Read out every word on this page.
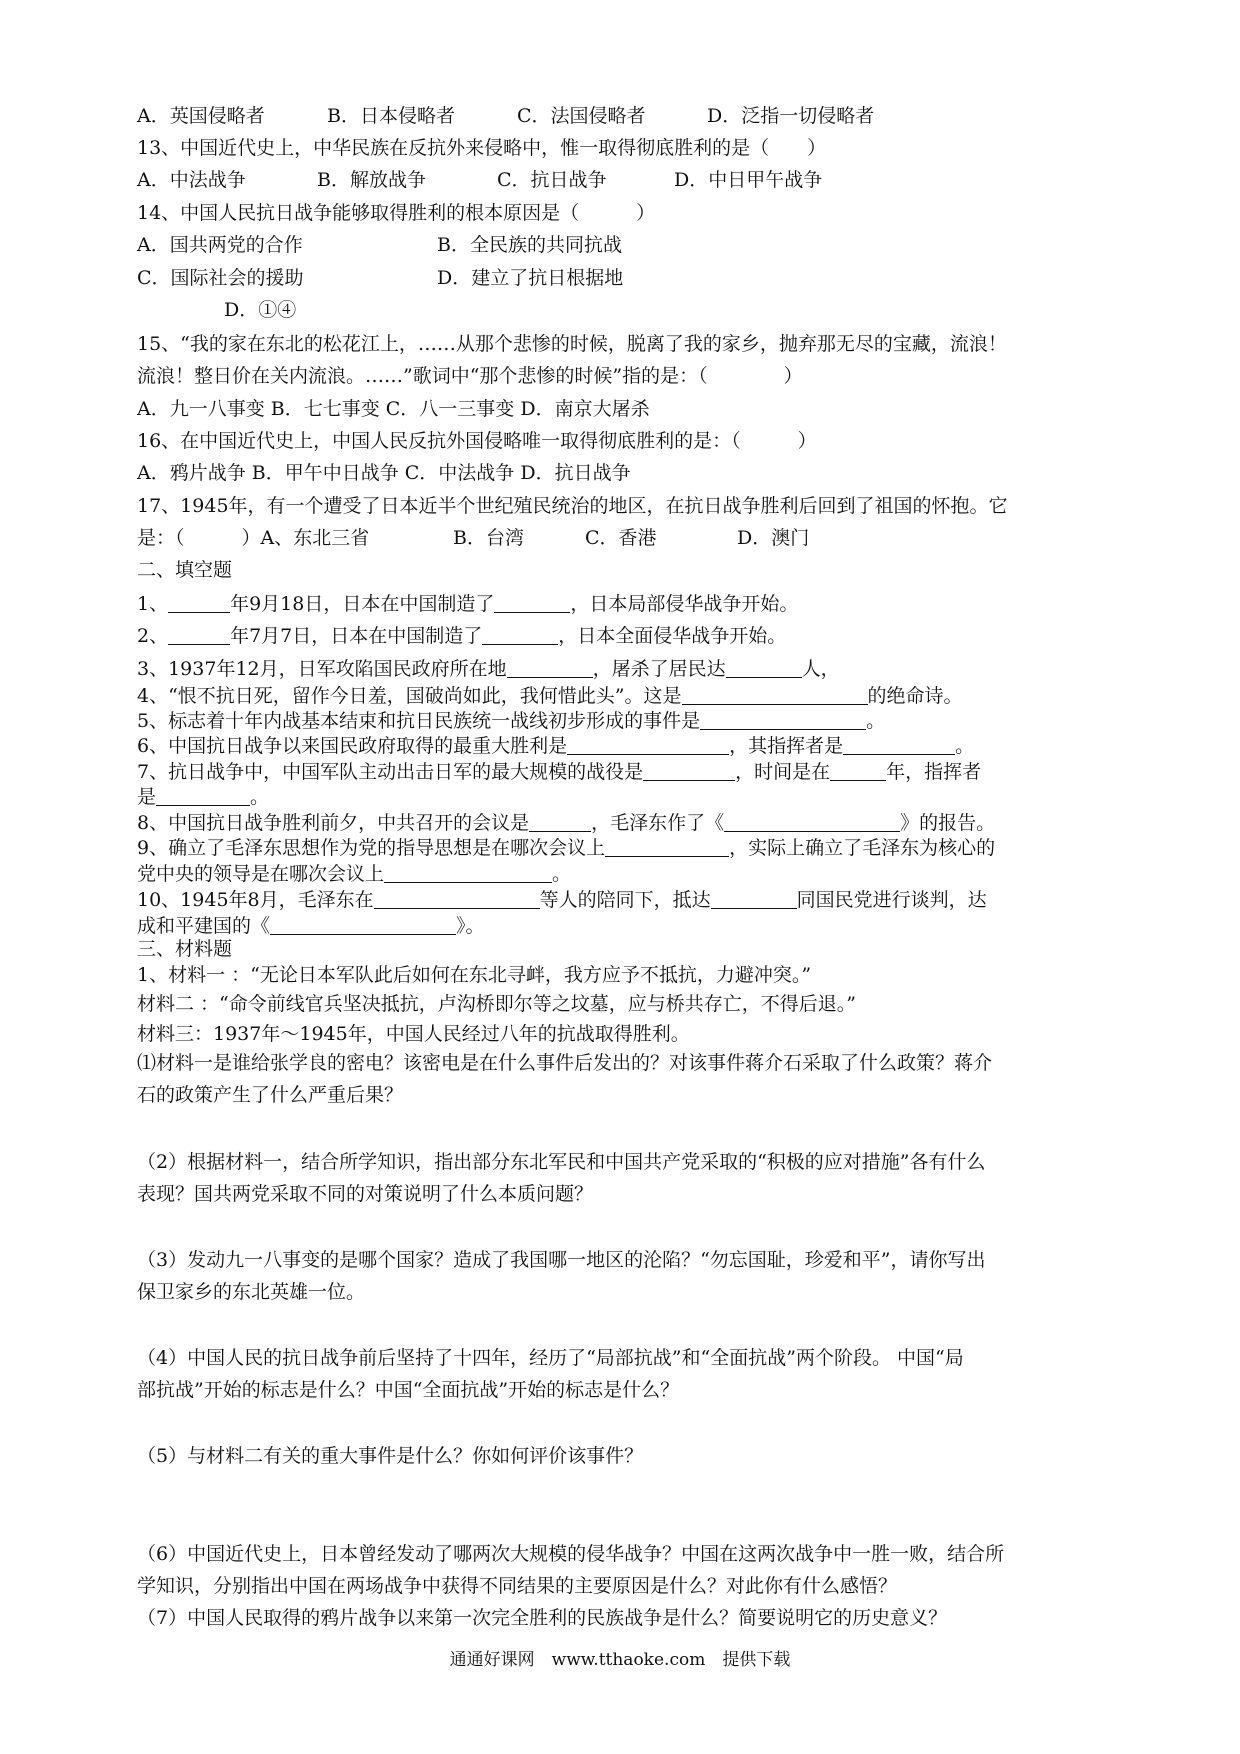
A．英国侵略者	B．日本侵略者	C．法国侵略者	D．泛指一切侵略者
13、中国近代史上，中华民族在反抗外来侵略中，惟一取得彻底胜利的是（　　）
A．中法战争	B．解放战争	C．抗日战争	D．中日甲午战争
14、中国人民抗日战争能够取得胜利的根本原因是（　　　）
A．国共两党的合作	B．全民族的共同抗战
C．国际社会的援助	D．建立了抗日根据地
D．①④
15、“我的家在东北的松花江上，……从那个悲惨的时候，脱离了我的家乡，抛弃那无尽的宝藏，流浪！
流浪！整日价在关内流浪。……”歌词中“那个悲惨的时候”指的是：（　　　　）
A．九一八事变 B．七七事变 C．八一三事变 D．南京大屠杀
16、在中国近代史上，中国人民反抗外国侵略唯一取得彻底胜利的是：（　　　）
A．鸦片战争 B．甲午中日战争 C．中法战争 D．抗日战争
17、1945年，有一个遭受了日本近半个世纪殖民统治的地区，在抗日战争胜利后回到了祖国的怀抱。它
是：（　　　）A、东北三省	B．台湾	C．香港	D．澳门
二、填空题
1、	年9月18日，日本在中国制造了	，日本局部侵华战争开始。
2、	年7月7日，日本在中国制造了	，日本全面侵华战争开始。
3、1937年12月，日军攻陷国民政府所在地	，屠杀了居民达	人，
4、“恨不抗日死，留作今日羞，国破尚如此，我何惜此头”。这是	的绝命诗。
5、标志着十年内战基本结束和抗日民族统一战线初步形成的事件是	。
6、中国抗日战争以来国民政府取得的最重大胜利是	，其指挥者是	。
7、抗日战争中，中国军队主动出击日军的最大规模的战役是	，时间是在	年，指挥者
是	。
8、中国抗日战争胜利前夕，中共召开的会议是	，毛泽东作了《	》的报告。
9、确立了毛泽东思想作为党的指导思想是在哪次会议上	，实际上确立了毛泽东为核心的
党中央的领导是在哪次会议上	。
10、1945年8月，毛泽东在	等人的陪同下，抵达	同国民党进行谈判，达
成和平建国的《	》。
三、材料题
1、材料一 ：“无论日本军队此后如何在东北寻衅，我方应予不抵抗，力避冲突。”
材料二 ：“命令前线官兵坚决抵抗，卢沟桥即尔等之坟墓，应与桥共存亡，不得后退。”
材料三：1937年～1945年，中国人民经过八年的抗战取得胜利。
⑴材料一是谁给张学良的密电？该密电是在什么事件后发出的？对该事件蒋介石采取了什么政策？蒋介
石的政策产生了什么严重后果？
（2）根据材料一，结合所学知识，指出部分东北军民和中国共产党采取的“积极的应对措施”各有什么
表现？国共两党采取不同的对策说明了什么本质问题？
（3）发动九一八事变的是哪个国家？造成了我国哪一地区的沦陷？“勿忘国耻，珍爱和平”，请你写出
保卫家乡的东北英雄一位。
（4）中国人民的抗日战争前后坚持了十四年，经历了“局部抗战”和“全面抗战”两个阶段。 中国“局
部抗战”开始的标志是什么？中国“全面抗战”开始的标志是什么？
（5）与材料二有关的重大事件是什么？你如何评价该事件？
（6）中国近代史上，日本曾经发动了哪两次大规模的侵华战争？中国在这两次战争中一胜一败，结合所
学知识，分别指出中国在两场战争中获得不同结果的主要原因是什么？对此你有什么感悟？
（7）中国人民取得的鸦片战争以来第一次完全胜利的民族战争是什么？简要说明它的历史意义？
通通好课网　www.tthaoke.com　提供下载
